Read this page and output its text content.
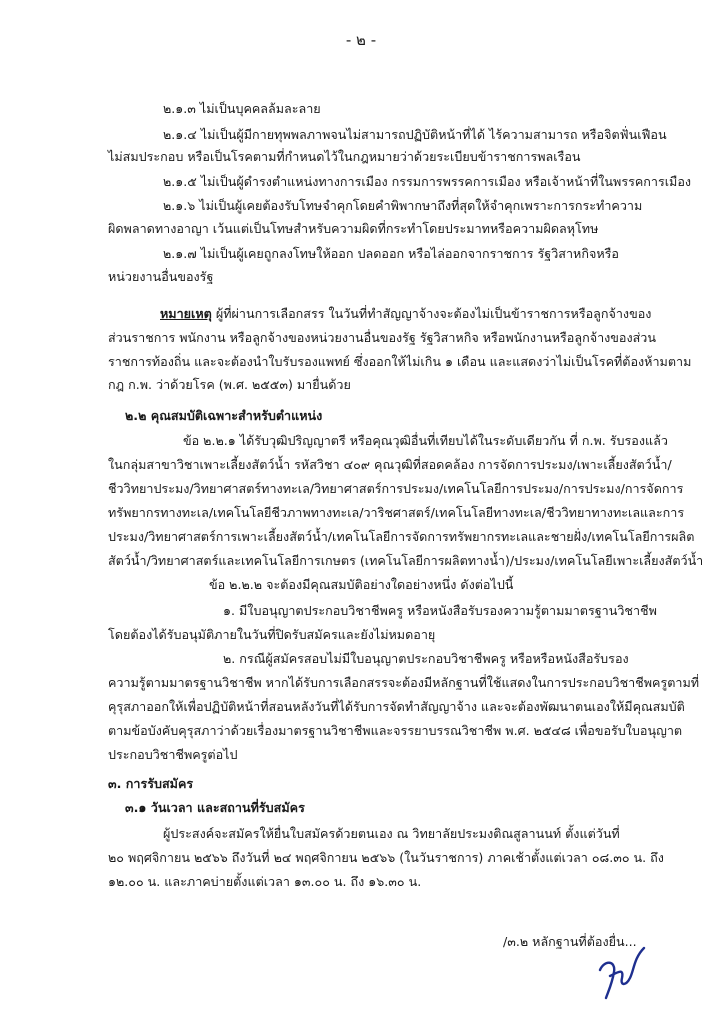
- ๒ -
๒.๑.๓ ไม่เป็นบุคคลล้มละลาย
๒.๑.๔ ไม่เป็นผู้มีกายทุพพลภาพจนไม่สามารถปฏิบัติหน้าที่ได้ ไร้ความสามารถ หรือจิตฟั่นเฟือน
ไม่สมประกอบ หรือเป็นโรคตามที่กำหนดไว้ในกฎหมายว่าด้วยระเบียบข้าราชการพลเรือน
๒.๑.๕ ไม่เป็นผู้ดำรงตำแหน่งทางการเมือง กรรมการพรรคการเมือง หรือเจ้าหน้าที่ในพรรคการเมือง
๒.๑.๖ ไม่เป็นผู้เคยต้องรับโทษจำคุกโดยคำพิพากษาถึงที่สุดให้จำคุกเพราะการกระทำความ
ผิดพลาดทางอาญา เว้นแต่เป็นโทษสำหรับความผิดที่กระทำโดยประมาทหรือความผิดลหุโทษ
๒.๑.๗ ไม่เป็นผู้เคยถูกลงโทษให้ออก ปลดออก หรือไล่ออกจากราชการ รัฐวิสาหกิจหรือ
หน่วยงานอื่นของรัฐ
หมายเหตุ ผู้ที่ผ่านการเลือกสรร ในวันที่ทำสัญญาจ้างจะต้องไม่เป็นข้าราชการหรือลูกจ้างของ
ส่วนราชการ พนักงาน หรือลูกจ้างของหน่วยงานอื่นของรัฐ รัฐวิสาหกิจ หรือพนักงานหรือลูกจ้างของส่วน
ราชการท้องถิ่น และจะต้องนำใบรับรองแพทย์ ซึ่งออกให้ไม่เกิน ๑ เดือน และแสดงว่าไม่เป็นโรคที่ต้องห้ามตาม
กฎ ก.พ. ว่าด้วยโรค (พ.ศ. ๒๕๕๓) มายื่นด้วย
๒.๒ คุณสมบัติเฉพาะสำหรับตำแหน่ง
ข้อ ๒.๒.๑ ได้รับวุฒิปริญญาตรี หรือคุณวุฒิอื่นที่เทียบได้ในระดับเดียวกัน ที่ ก.พ. รับรองแล้ว
ในกลุ่มสาขาวิชาเพาะเลี้ยงสัตว์น้ำ รหัสวิชา ๔๐๙ คุณวุฒิที่สอดคล้อง การจัดการประมง/เพาะเลี้ยงสัตว์น้ำ/
ชีววิทยาประมง/วิทยาศาสตร์ทางทะเล/วิทยาศาสตร์การประมง/เทคโนโลยีการประมง/การประมง/การจัดการ
ทรัพยากรทางทะเล/เทคโนโลยีชีวภาพทางทะเล/วาริชศาสตร์/เทคโนโลยีทางทะเล/ชีววิทยาทางทะเลและการ
ประมง/วิทยาศาสตร์การเพาะเลี้ยงสัตว์น้ำ/เทคโนโลยีการจัดการทรัพยากรทะเลและชายฝั่ง/เทคโนโลยีการผลิต
สัตว์น้ำ/วิทยาศาสตร์และเทคโนโลยีการเกษตร (เทคโนโลยีการผลิตทางน้ำ)/ประมง/เทคโนโลยีเพาะเลี้ยงสัตว์น้ำ
ข้อ ๒.๒.๒ จะต้องมีคุณสมบัติอย่างใดอย่างหนึ่ง ดังต่อไปนี้
๑. มีใบอนุญาตประกอบวิชาชีพครู หรือหนังสือรับรองความรู้ตามมาตรฐานวิชาชีพ
โดยต้องได้รับอนุมัติภายในวันที่ปิดรับสมัครและยังไม่หมดอายุ
๒. กรณีผู้สมัครสอบไม่มีใบอนุญาตประกอบวิชาชีพครู หรือหรือหนังสือรับรอง
ความรู้ตามมาตรฐานวิชาชีพ หากได้รับการเลือกสรรจะต้องมีหลักฐานที่ใช้แสดงในการประกอบวิชาชีพครูตามที่
คุรุสภาออกให้เพื่อปฏิบัติหน้าที่สอนหลังวันที่ได้รับการจัดทำสัญญาจ้าง และจะต้องพัฒนาตนเองให้มีคุณสมบัติ
ตามข้อบังคับคุรุสภาว่าด้วยเรื่องมาตรฐานวิชาชีพและจรรยาบรรณวิชาชีพ พ.ศ. ๒๕๔๘ เพื่อขอรับใบอนุญาต
ประกอบวิชาชีพครูต่อไป
๓. การรับสมัคร
๓.๑ วันเวลา และสถานที่รับสมัคร
ผู้ประสงค์จะสมัครให้ยื่นใบสมัครด้วยตนเอง ณ วิทยาลัยประมงติณสูลานนท์ ตั้งแต่วันที่
๒๐ พฤศจิกายน ๒๕๖๖ ถึงวันที่ ๒๔ พฤศจิกายน ๒๕๖๖ (ในวันราชการ) ภาคเช้าตั้งแต่เวลา ๐๘.๓๐ น. ถึง
๑๒.๐๐ น. และภาคบ่ายตั้งแต่เวลา ๑๓.๐๐ น. ถึง ๑๖.๓๐ น.
/๓.๒ หลักฐานที่ต้องยื่น...
